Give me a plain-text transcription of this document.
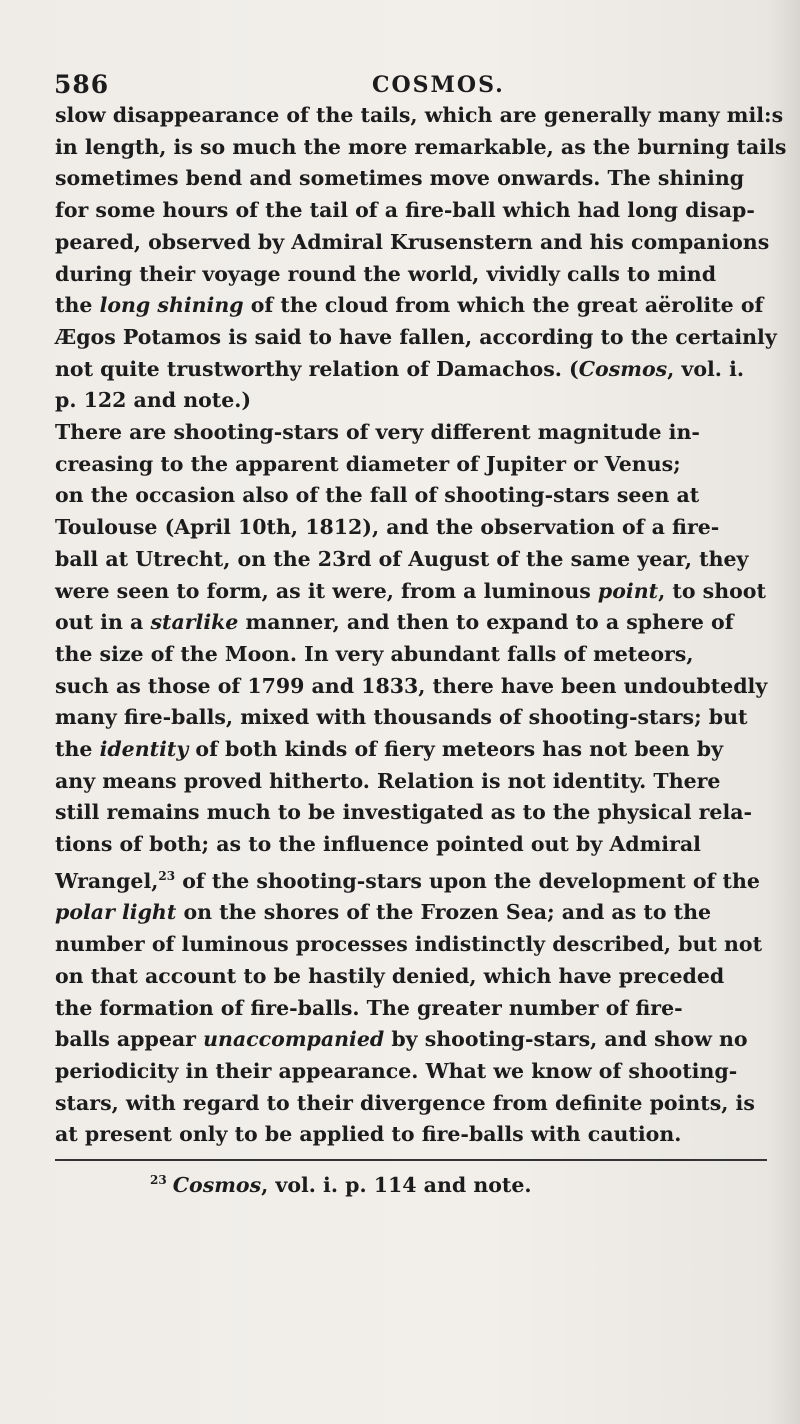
586	COSMOS.
slow disappearance of the tails, which are generally many mil:s
in length, is so much the more remarkable, as the burning tails
sometimes bend and sometimes move onwards. The shining
for some hours of the tail of a fire-ball which had long disap-
peared, observed by Admiral Krusenstern and his companions
during their voyage round the world, vividly calls to mind
the long shining of the cloud from which the great aërolite of
Ægos Potamos is said to have fallen, according to the certainly
not quite trustworthy relation of Damachos. (Cosmos, vol. i.
p. 122 and note.)
There are shooting-stars of very different magnitude in-
creasing to the apparent diameter of Jupiter or Venus;
on the occasion also of the fall of shooting-stars seen at
Toulouse (April 10th, 1812), and the observation of a fire-
ball at Utrecht, on the 23rd of August of the same year, they
were seen to form, as it were, from a luminous point, to shoot
out in a starlike manner, and then to expand to a sphere of
the size of the Moon. In very abundant falls of meteors,
such as those of 1799 and 1833, there have been undoubtedly
many fire-balls, mixed with thousands of shooting-stars; but
the identity of both kinds of fiery meteors has not been by
any means proved hitherto. Relation is not identity. There
still remains much to be investigated as to the physical rela-
tions of both; as to the influence pointed out by Admiral
Wrangel,$^{23}$ of the shooting-stars upon the development of the
polar light on the shores of the Frozen Sea; and as to the
number of luminous processes indistinctly described, but not
on that account to be hastily denied, which have preceded
the formation of fire-balls. The greater number of fire-
balls appear unaccompanied by shooting-stars, and show no
periodicity in their appearance. What we know of shooting-
stars, with regard to their divergence from definite points, is
at present only to be applied to fire-balls with caution.
$^{23}$ Cosmos, vol. i. p. 114 and note.
